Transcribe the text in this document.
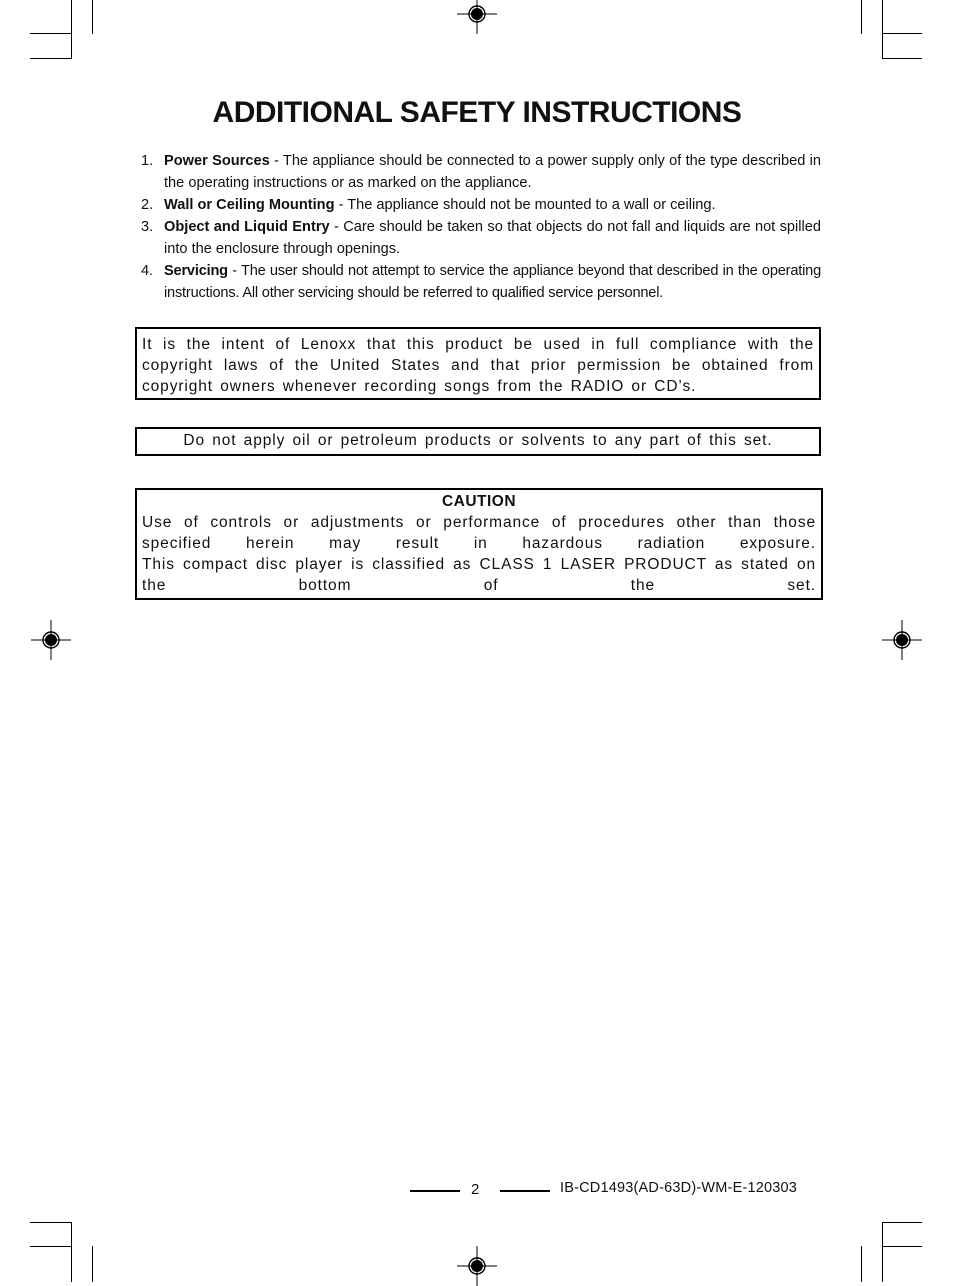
ADDITIONAL SAFETY INSTRUCTIONS
1. Power Sources - The appliance should be connected to a power supply only of the type described in the operating instructions or as marked on the appliance.
2. Wall or Ceiling Mounting - The appliance should not be mounted to a wall or ceiling.
3. Object and Liquid Entry - Care should be taken so that objects do not fall and liquids are not spilled into the enclosure through openings.
4. Servicing - The user should not attempt to service the appliance beyond that described in the operating instructions. All other servicing should be referred to qualified service personnel.
It is the intent of Lenoxx that this product be used in full compliance with the
copyright laws of the United States and that prior permission be obtained from
copyright owners whenever recording songs from the RADIO or CD’s.
Do not apply oil or petroleum products or solvents to any part of this set.
CAUTION

Use of controls or adjustments or performance of procedures other than those specified herein may result in hazardous radiation exposure.

This compact disc player is classified as CLASS 1 LASER PRODUCT as stated on the bottom of the set.

2	IB-CD1493(AD-63D)-WM-E-120303
